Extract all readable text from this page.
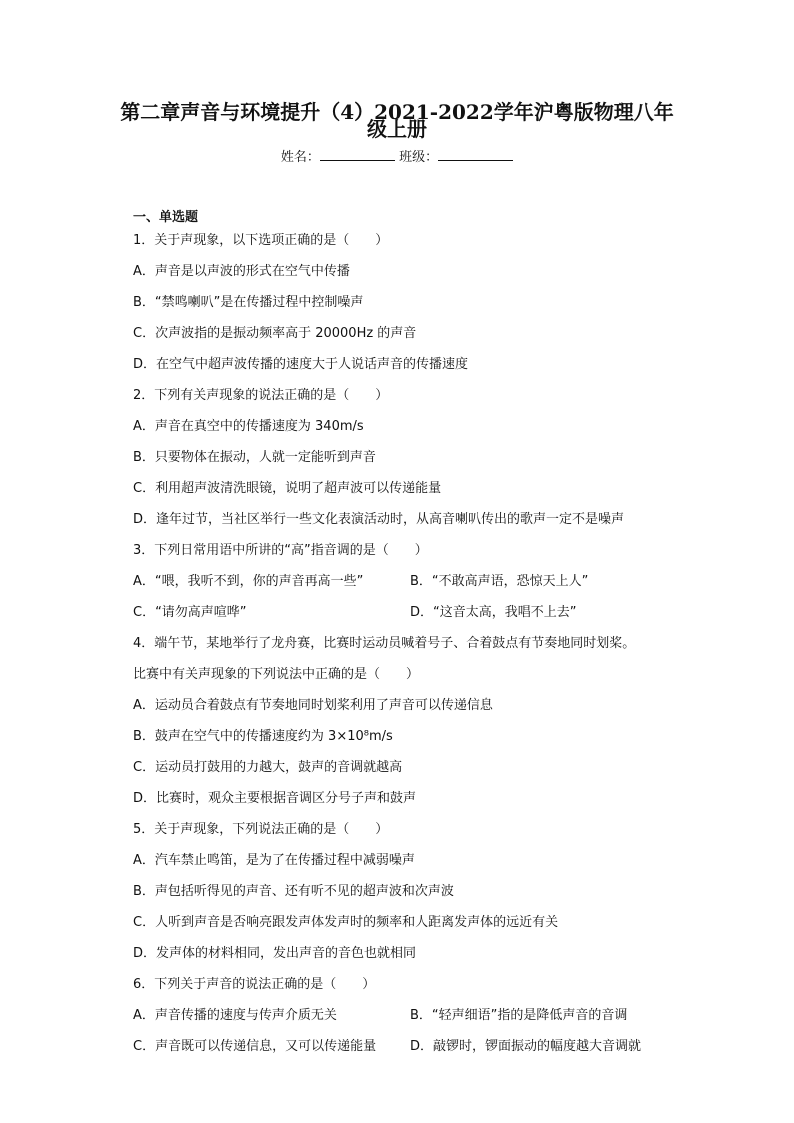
第二章声音与环境提升（4）2021-2022学年沪粤版物理八年
级上册
姓名：	班级：
一、单选题
1．关于声现象，以下选项正确的是（　　）
A．声音是以声波的形式在空气中传播
B．“禁鸣喇叭”是在传播过程中控制噪声
C．次声波指的是振动频率高于 20000Hz 的声音
D．在空气中超声波传播的速度大于人说话声音的传播速度
2．下列有关声现象的说法正确的是（　　）
A．声音在真空中的传播速度为 340m/s
B．只要物体在振动，人就一定能听到声音
C．利用超声波清洗眼镜，说明了超声波可以传递能量
D．逢年过节，当社区举行一些文化表演活动时，从高音喇叭传出的歌声一定不是噪声
3．下列日常用语中所讲的“高”指音调的是（　　）
A．“喂，我听不到，你的声音再高一些”	B．“不敢高声语，恐惊天上人”
C．“请勿高声喧哗”	D．“这音太高，我唱不上去”
4．端午节，某地举行了龙舟赛，比赛时运动员喊着号子、合着鼓点有节奏地同时划桨。
比赛中有关声现象的下列说法中正确的是（　　）
A．运动员合着鼓点有节奏地同时划桨利用了声音可以传递信息
B．鼓声在空气中的传播速度约为 3×10⁸m/s
C．运动员打鼓用的力越大，鼓声的音调就越高
D．比赛时，观众主要根据音调区分号子声和鼓声
5．关于声现象，下列说法正确的是（　　）
A．汽车禁止鸣笛，是为了在传播过程中减弱噪声
B．声包括听得见的声音、还有听不见的超声波和次声波
C．人听到声音是否响亮跟发声体发声时的频率和人距离发声体的远近有关
D．发声体的材料相同，发出声音的音色也就相同
6．下列关于声音的说法正确的是（　　）
A．声音传播的速度与传声介质无关	B．“轻声细语”指的是降低声音的音调
C．声音既可以传递信息，又可以传递能量	D．敲锣时，锣面振动的幅度越大音调就
